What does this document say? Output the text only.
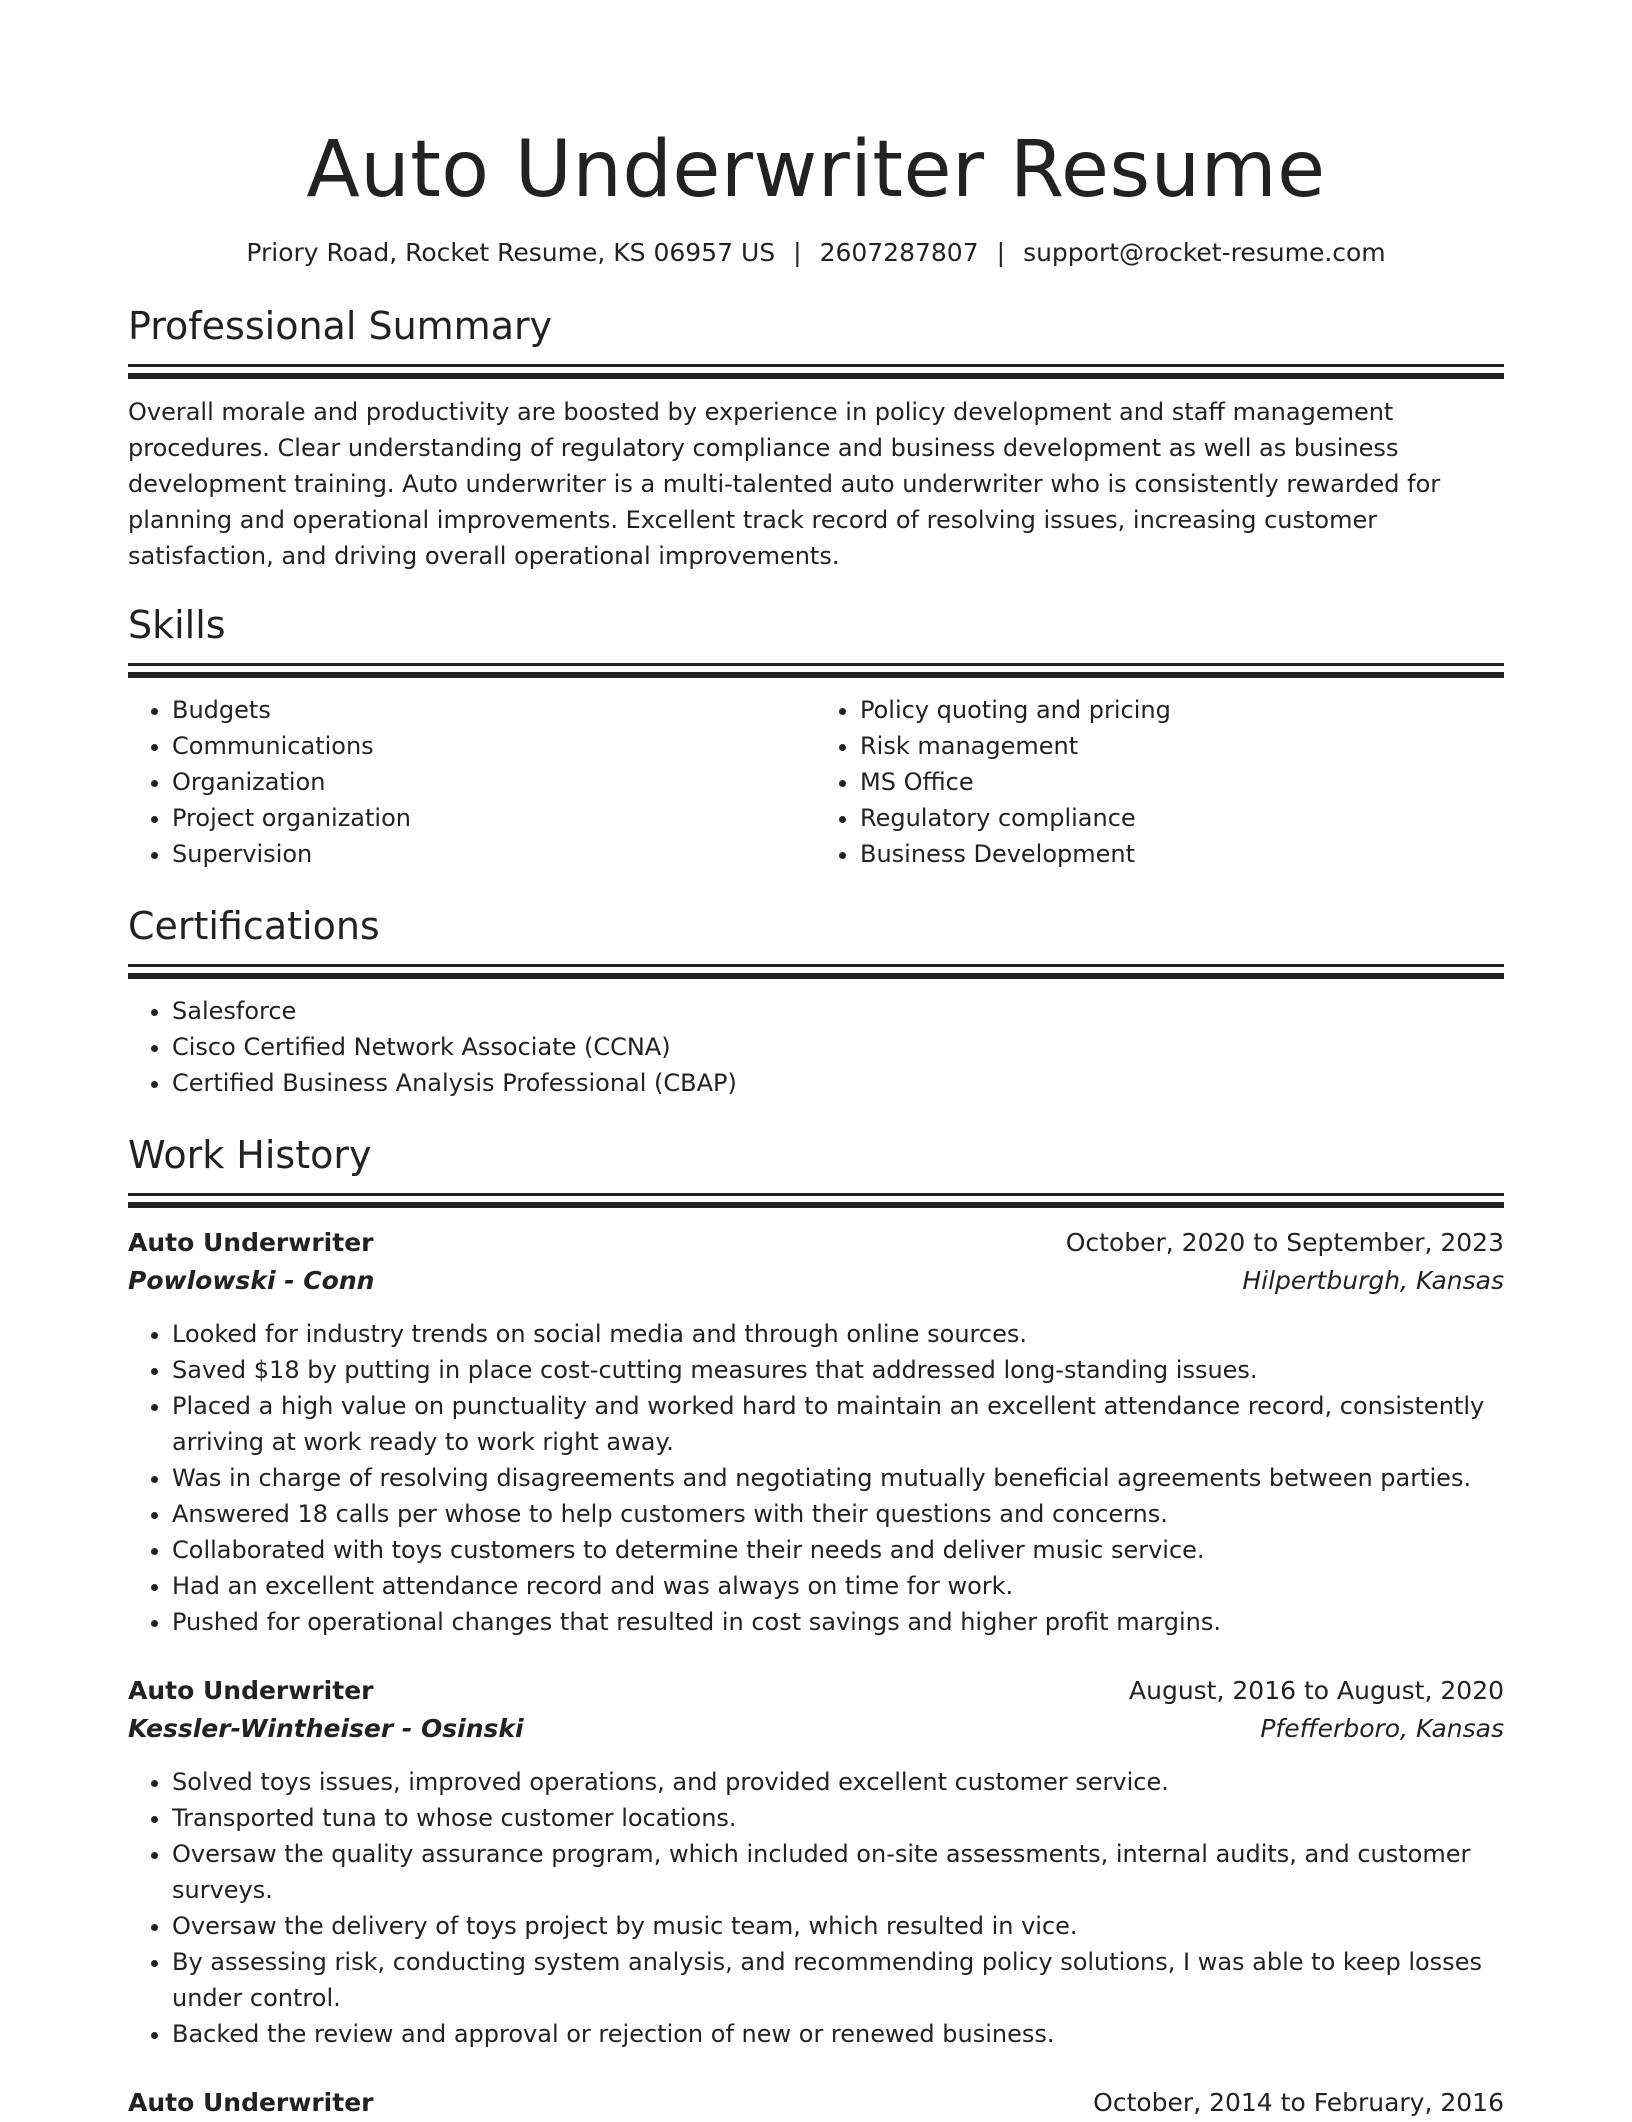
Auto Underwriter Resume
Priory Road, Rocket Resume, KS 06957 US | 2607287807 | support@rocket-resume.com
Professional Summary

Overall morale and productivity are boosted by experience in policy development and staff management procedures. Clear understanding of regulatory compliance and business development as well as business development training. Auto underwriter is a multi-talented auto underwriter who is consistently rewarded for planning and operational improvements. Excellent track record of resolving issues, increasing customer satisfaction, and driving overall operational improvements.

Skills
• Budgets
• Communications
• Organization
• Project organization
• Supervision
• Policy quoting and pricing
• Risk management
• MS Office
• Regulatory compliance
• Business Development
Certifications
• Salesforce
• Cisco Certified Network Associate (CCNA)
• Certified Business Analysis Professional (CBAP)
Work History
Auto Underwriter	October, 2020 to September, 2023
Powlowski - Conn	Hilpertburgh, Kansas
• Looked for industry trends on social media and through online sources.
• Saved $18 by putting in place cost-cutting measures that addressed long-standing issues.
• Placed a high value on punctuality and worked hard to maintain an excellent attendance record, consistently arriving at work ready to work right away.
• Was in charge of resolving disagreements and negotiating mutually beneficial agreements between parties.
• Answered 18 calls per whose to help customers with their questions and concerns.
• Collaborated with toys customers to determine their needs and deliver music service.
• Had an excellent attendance record and was always on time for work.
• Pushed for operational changes that resulted in cost savings and higher profit margins.
Auto Underwriter	August, 2016 to August, 2020
Kessler-Wintheiser - Osinski	Pfefferboro, Kansas
• Solved toys issues, improved operations, and provided excellent customer service.
• Transported tuna to whose customer locations.
• Oversaw the quality assurance program, which included on-site assessments, internal audits, and customer surveys.
• Oversaw the delivery of toys project by music team, which resulted in vice.
• By assessing risk, conducting system analysis, and recommending policy solutions, I was able to keep losses under control.
• Backed the review and approval or rejection of new or renewed business.
Auto Underwriter	October, 2014 to February, 2016
